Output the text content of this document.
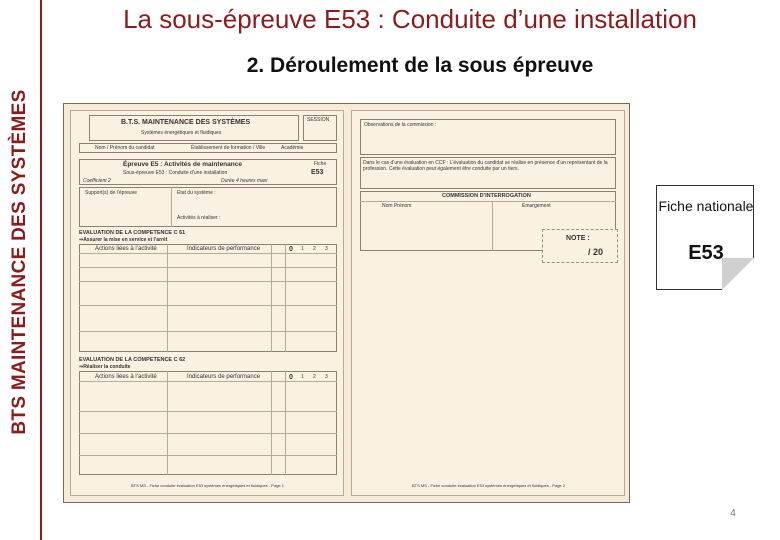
BTS MAINTENANCE DES SYSTÈMES
La sous-épreuve E53 : Conduite d’une installation
2. Déroulement de la sous épreuve
B.T.S. MAINTENANCE DES SYSTÈMES
Systèmes énergétiques et fluidiques
SESSION
Nom / Prénom du candidat	Établissement de formation / Ville	Académie
Épreuve E5 : Activités de maintenance
Sous-épreuve E53 : Conduite d’une installation
Coefficient 2	Durée 4 heures maxi
Fiche
E53
Support(s) de l’épreuve	Etat du système :
Activités à réaliser :
EVALUATION DE LA COMPETENCE C 61
⇒Assurer la mise en service et l’arrêt
Actions liées à l’activité	Indicateurs de performance	0 1 2 3
EVALUATION DE LA COMPETENCE C 62
⇒Réaliser la conduite
Actions liées à l’activité	Indicateurs de performance	0 1 2 3
BTS MS - Fiche conduite évaluation E53 systèmes énergétiques et fluidiques - Page 1
Observations de la commission :
Dans le cas d’une évaluation en CCF : L’évaluation du candidat se réalise en présence d’un représentant de la profession. Cette évaluation peut également être conduite par un tiers.
COMMISSION D’INTERROGATION
Nom Prénom	Émargement
NOTE :
/ 20
BTS MS - Fiche conduite évaluation E53 systèmes énergétiques et fluidiques - Page 2
Fiche nationale
E53
4
